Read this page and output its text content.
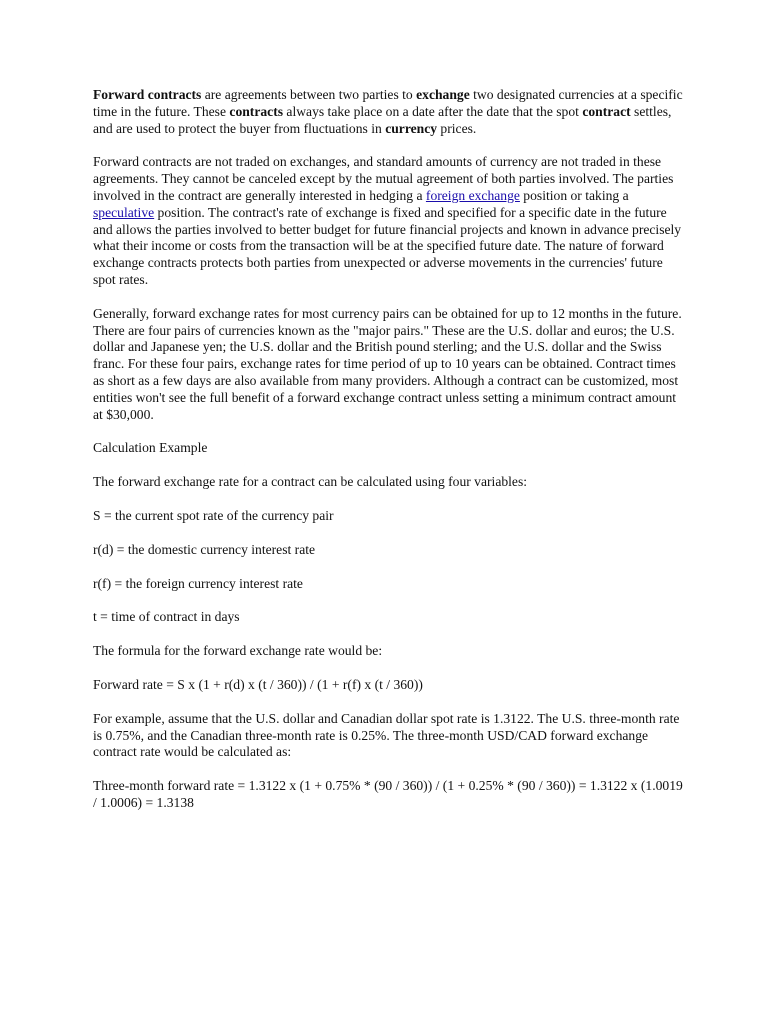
Forward contracts are agreements between two parties to exchange two designated currencies at a specific time in the future. These contracts always take place on a date after the date that the spot contract settles, and are used to protect the buyer from fluctuations in currency prices.

Forward contracts are not traded on exchanges, and standard amounts of currency are not traded in these agreements. They cannot be canceled except by the mutual agreement of both parties involved. The parties involved in the contract are generally interested in hedging a foreign exchange position or taking a speculative position. The contract's rate of exchange is fixed and specified for a specific date in the future and allows the parties involved to better budget for future financial projects and known in advance precisely what their income or costs from the transaction will be at the specified future date. The nature of forward exchange contracts protects both parties from unexpected or adverse movements in the currencies' future spot rates.

Generally, forward exchange rates for most currency pairs can be obtained for up to 12 months in the future. There are four pairs of currencies known as the "major pairs." These are the U.S. dollar and euros; the U.S. dollar and Japanese yen; the U.S. dollar and the British pound sterling; and the U.S. dollar and the Swiss franc. For these four pairs, exchange rates for time period of up to 10 years can be obtained. Contract times as short as a few days are also available from many providers. Although a contract can be customized, most entities won't see the full benefit of a forward exchange contract unless setting a minimum contract amount at $30,000.

Calculation Example

The forward exchange rate for a contract can be calculated using four variables:

S = the current spot rate of the currency pair

r(d) = the domestic currency interest rate

r(f) = the foreign currency interest rate

t = time of contract in days

The formula for the forward exchange rate would be:

Forward rate = S x (1 + r(d) x (t / 360)) / (1 + r(f) x (t / 360))

For example, assume that the U.S. dollar and Canadian dollar spot rate is 1.3122. The U.S. three-month rate is 0.75%, and the Canadian three-month rate is 0.25%. The three-month USD/CAD forward exchange contract rate would be calculated as:

Three-month forward rate = 1.3122 x (1 + 0.75% * (90 / 360)) / (1 + 0.25% * (90 / 360)) = 1.3122 x (1.0019 / 1.0006) = 1.3138
